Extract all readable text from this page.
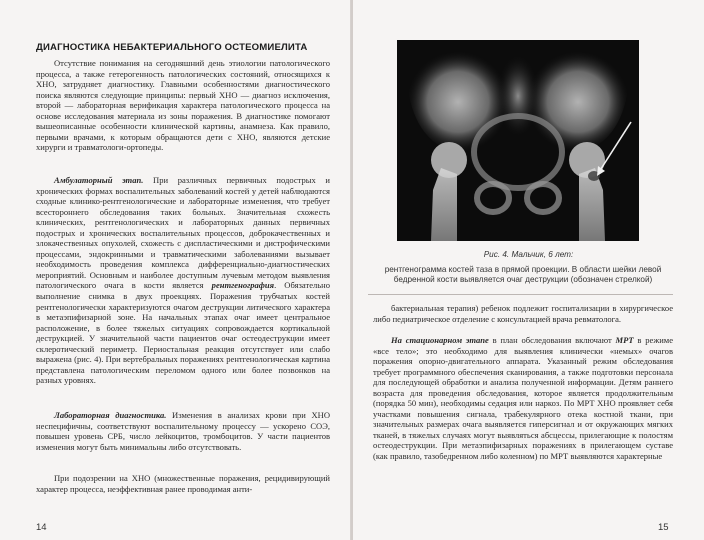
ДИАГНОСТИКА НЕБАКТЕРИАЛЬНОГО ОСТЕОМИЕЛИТА

Отсутствие понимания на сегодняшний день этиологии патологического процесса, а также гетерогенность патологических состояний, относящихся к ХНО, затрудняет диагностику. Главными особенностями диагностического поиска являются следующие принципы: первый ХНО — диагноз исключения, второй — лабораторная верификация характера патологического процесса на основе исследования материала из зоны поражения. В диагностике помогают вышеописанные особенности клинической картины, анамнеза. Как правило, первыми врачами, к которым обращаются дети с ХНО, являются детские хирурги и травматологи-ортопеды.

Амбулаторный этап. При различных первичных подострых и хронических формах воспалительных заболеваний костей у детей наблюдаются сходные клинико-рентгенологические и лабораторные изменения, что требует всестороннего обследования таких больных. Значительная схожесть клинических, рентгенологических и лабораторных данных первичных подострых и хронических воспалительных процессов, доброкачественных и злокачественных опухолей, схожесть с диспластическими и дистрофическими процессами, эндокринными и травматическими заболеваниями вызывает необходимость проведения комплекса дифференциально-диагностических мероприятий. Основным и наиболее доступным лучевым методом выявления патологического очага в кости является рентгенография. Обязательно выполнение снимка в двух проекциях. Поражения трубчатых костей рентгенологически характеризуются очагом деструкции литического характера в метаэпифизарной зоне. На начальных этапах очаг имеет центральное расположение, в более тяжелых ситуациях сопровождается кортикальной деструкцией. У значительной части пациентов очаг остеодеструкции имеет склеротический периметр. Периостальная реакция отсутствует или слабо выражена (рис. 4). При вертебральных поражениях рентгенологическая картина представлена патологическим переломом одного или более позвонков на разных уровнях.

Лабораторная диагностика. Изменения в анализах крови при ХНО неспецифичны, соответствуют воспалительному процессу — ускорено СОЭ, повышен уровень СРБ, число лейкоцитов, тромбоцитов. У части пациентов изменения могут быть минимальны либо отсутствовать.

При подозрении на ХНО (множественные поражения, рецидивирующий характер процесса, неэффективная ранее проводимая анти-

14
Рис. 4. Мальчик, 6 лет:
рентгенограмма костей таза в прямой проекции. В области шейки левой бедренной кости выявляется очаг деструкции (обозначен стрелкой)

бактериальная терапия) ребенок подлежит госпитализации в хирургическое либо педиатрическое отделение с консультацией врача ревматолога.

На стационарном этапе в план обследования включают МРТ в режиме «все тело»; это необходимо для выявления клинически «немых» очагов поражения опорно-двигательного аппарата. Указанный режим обследования требует программного обеспечения сканирования, а также подготовки персонала для последующей обработки и анализа полученной информации. Детям раннего возраста для проведения обследования, которое является продолжительным (порядка 50 мин), необходимы седация или наркоз. По МРТ ХНО проявляет себя участками повышения сигнала, трабекулярного отека костной ткани, при значительных размерах очага выявляется гиперсигнал и от окружающих мягких тканей, в тяжелых случаях могут выявляться абсцессы, прилегающие к полостям остеодеструкции. При метаэпифизарных поражениях в прилегающем суставе (как правило, тазобедренном либо коленном) по МРТ выявляются характерные

15
